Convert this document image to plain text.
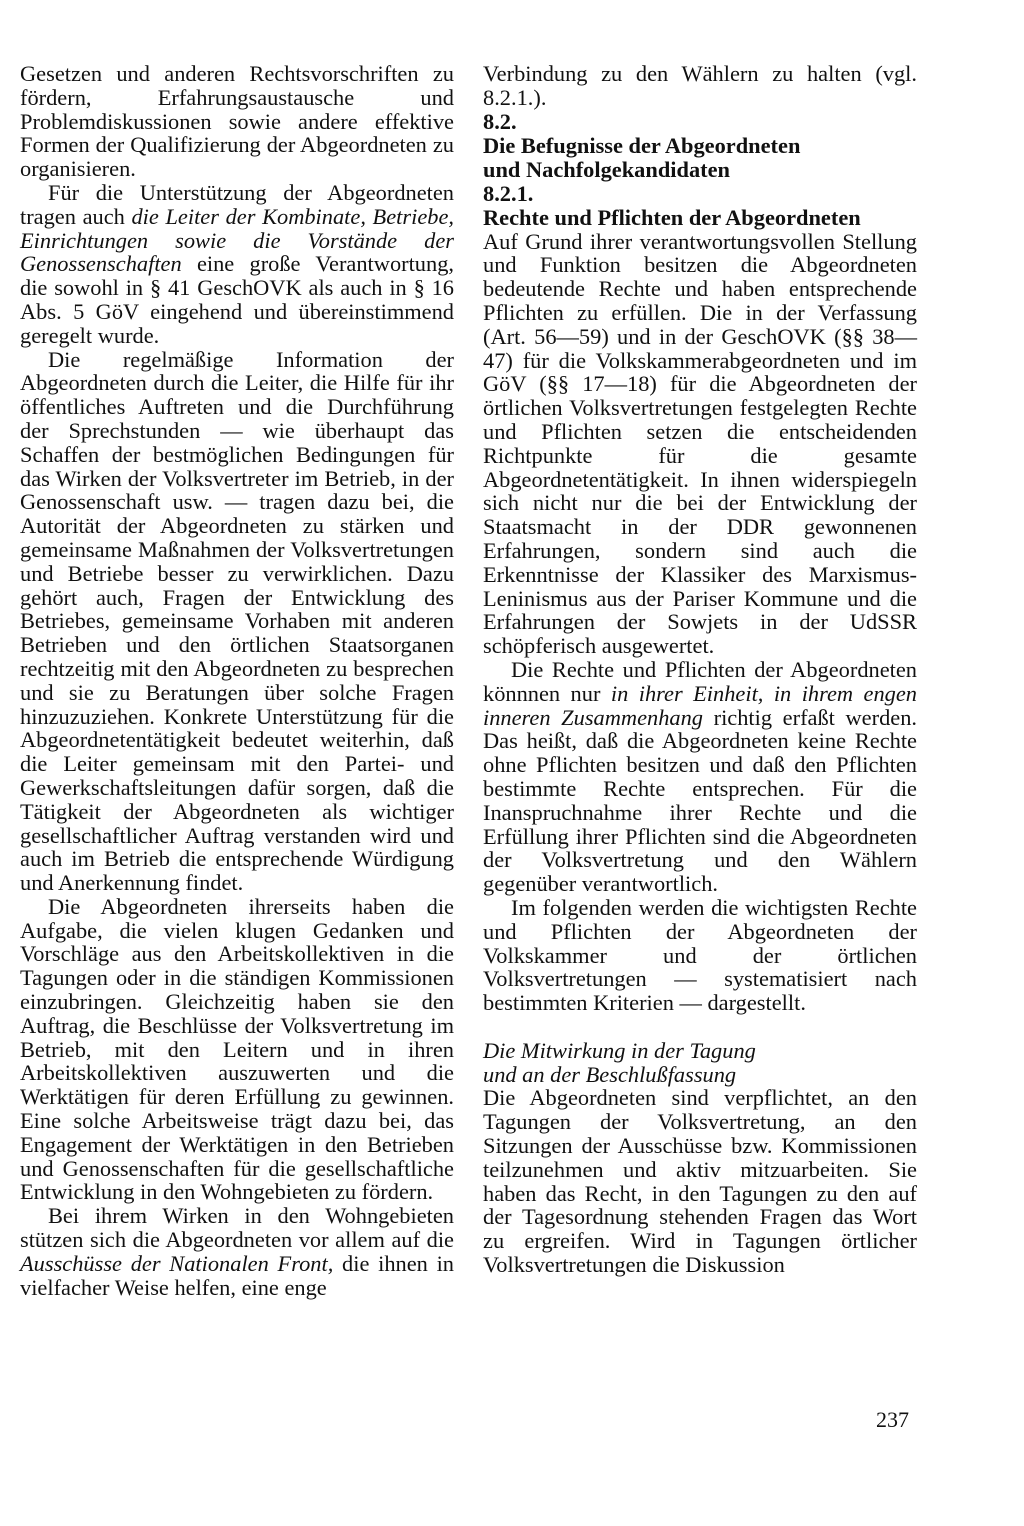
Gesetzen und anderen Rechtsvorschriften zu fördern, Erfahrungsaustausche und Problemdiskussionen sowie andere effektive Formen der Qualifizierung der Abgeordneten zu organisieren.

Für die Unterstützung der Abgeordneten tragen auch die Leiter der Kombinate, Betriebe, Einrichtungen sowie die Vorstände der Genossenschaften eine große Verantwortung, die sowohl in § 41 GeschOVK als auch in § 16 Abs. 5 GöV eingehend und übereinstimmend geregelt wurde.

Die regelmäßige Information der Abgeordneten durch die Leiter, die Hilfe für ihr öffentliches Auftreten und die Durchführung der Sprechstunden — wie überhaupt das Schaffen der bestmöglichen Bedingungen für das Wirken der Volksvertreter im Betrieb, in der Genossenschaft usw. — tragen dazu bei, die Autorität der Abgeordneten zu stärken und gemeinsame Maßnahmen der Volksvertretungen und Betriebe besser zu verwirklichen. Dazu gehört auch, Fragen der Entwicklung des Betriebes, gemeinsame Vorhaben mit anderen Betrieben und den örtlichen Staatsorganen rechtzeitig mit den Abgeordneten zu besprechen und sie zu Beratungen über solche Fragen hinzuzuziehen. Konkrete Unterstützung für die Abgeordnetentätigkeit bedeutet weiterhin, daß die Leiter gemeinsam mit den Partei- und Gewerkschaftsleitungen dafür sorgen, daß die Tätigkeit der Abgeordneten als wichtiger gesellschaftlicher Auftrag verstanden wird und auch im Betrieb die entsprechende Würdigung und Anerkennung findet.

Die Abgeordneten ihrerseits haben die Aufgabe, die vielen klugen Gedanken und Vorschläge aus den Arbeitskollektiven in die Tagungen oder in die ständigen Kommissionen einzubringen. Gleichzeitig haben sie den Auftrag, die Beschlüsse der Volksvertretung im Betrieb, mit den Leitern und in ihren Arbeitskollektiven auszuwerten und die Werktätigen für deren Erfüllung zu gewinnen. Eine solche Arbeitsweise trägt dazu bei, das Engagement der Werktätigen in den Betrieben und Genossenschaften für die gesellschaftliche Entwicklung in den Wohngebieten zu fördern.

Bei ihrem Wirken in den Wohngebieten stützen sich die Abgeordneten vor allem auf die Ausschüsse der Nationalen Front, die ihnen in vielfacher Weise helfen, eine enge

Verbindung zu den Wählern zu halten (vgl. 8.2.1.).

8.2.

Die Befugnisse der Abgeordneten

und Nachfolgekandidaten

8.2.1.

Rechte und Pflichten der Abgeordneten

Auf Grund ihrer verantwortungsvollen Stellung und Funktion besitzen die Abgeordneten bedeutende Rechte und haben entsprechende Pflichten zu erfüllen. Die in der Verfassung (Art. 56—59) und in der GeschOVK (§§ 38—47) für die Volkskammerabgeordneten und im GöV (§§ 17—18) für die Abgeordneten der örtlichen Volksvertretungen festgelegten Rechte und Pflichten setzen die entscheidenden Richtpunkte für die gesamte Abgeordnetentätigkeit. In ihnen widerspiegeln sich nicht nur die bei der Entwicklung der Staatsmacht in der DDR gewonnenen Erfahrungen, sondern sind auch die Erkenntnisse der Klassiker des Marxismus-Leninismus aus der Pariser Kommune und die Erfahrungen der Sowjets in der UdSSR schöpferisch ausgewertet.

Die Rechte und Pflichten der Abgeordneten könnnen nur in ihrer Einheit, in ihrem engen inneren Zusammenhang richtig erfaßt werden. Das heißt, daß die Abgeordneten keine Rechte ohne Pflichten besitzen und daß den Pflichten bestimmte Rechte entsprechen. Für die Inanspruchnahme ihrer Rechte und die Erfüllung ihrer Pflichten sind die Abgeordneten der Volksvertretung und den Wählern gegenüber verantwortlich.

Im folgenden werden die wichtigsten Rechte und Pflichten der Abgeordneten der Volkskammer und der örtlichen Volksvertretungen — systematisiert nach bestimmten Kriterien — dargestellt.

Die Mitwirkung in der Tagung

und an der Beschlußfassung

Die Abgeordneten sind verpflichtet, an den Tagungen der Volksvertretung, an den Sitzungen der Ausschüsse bzw. Kommissionen teilzunehmen und aktiv mitzuarbeiten. Sie haben das Recht, in den Tagungen zu den auf der Tagesordnung stehenden Fragen das Wort zu ergreifen. Wird in Tagungen örtlicher Volksvertretungen die Diskussion

237
